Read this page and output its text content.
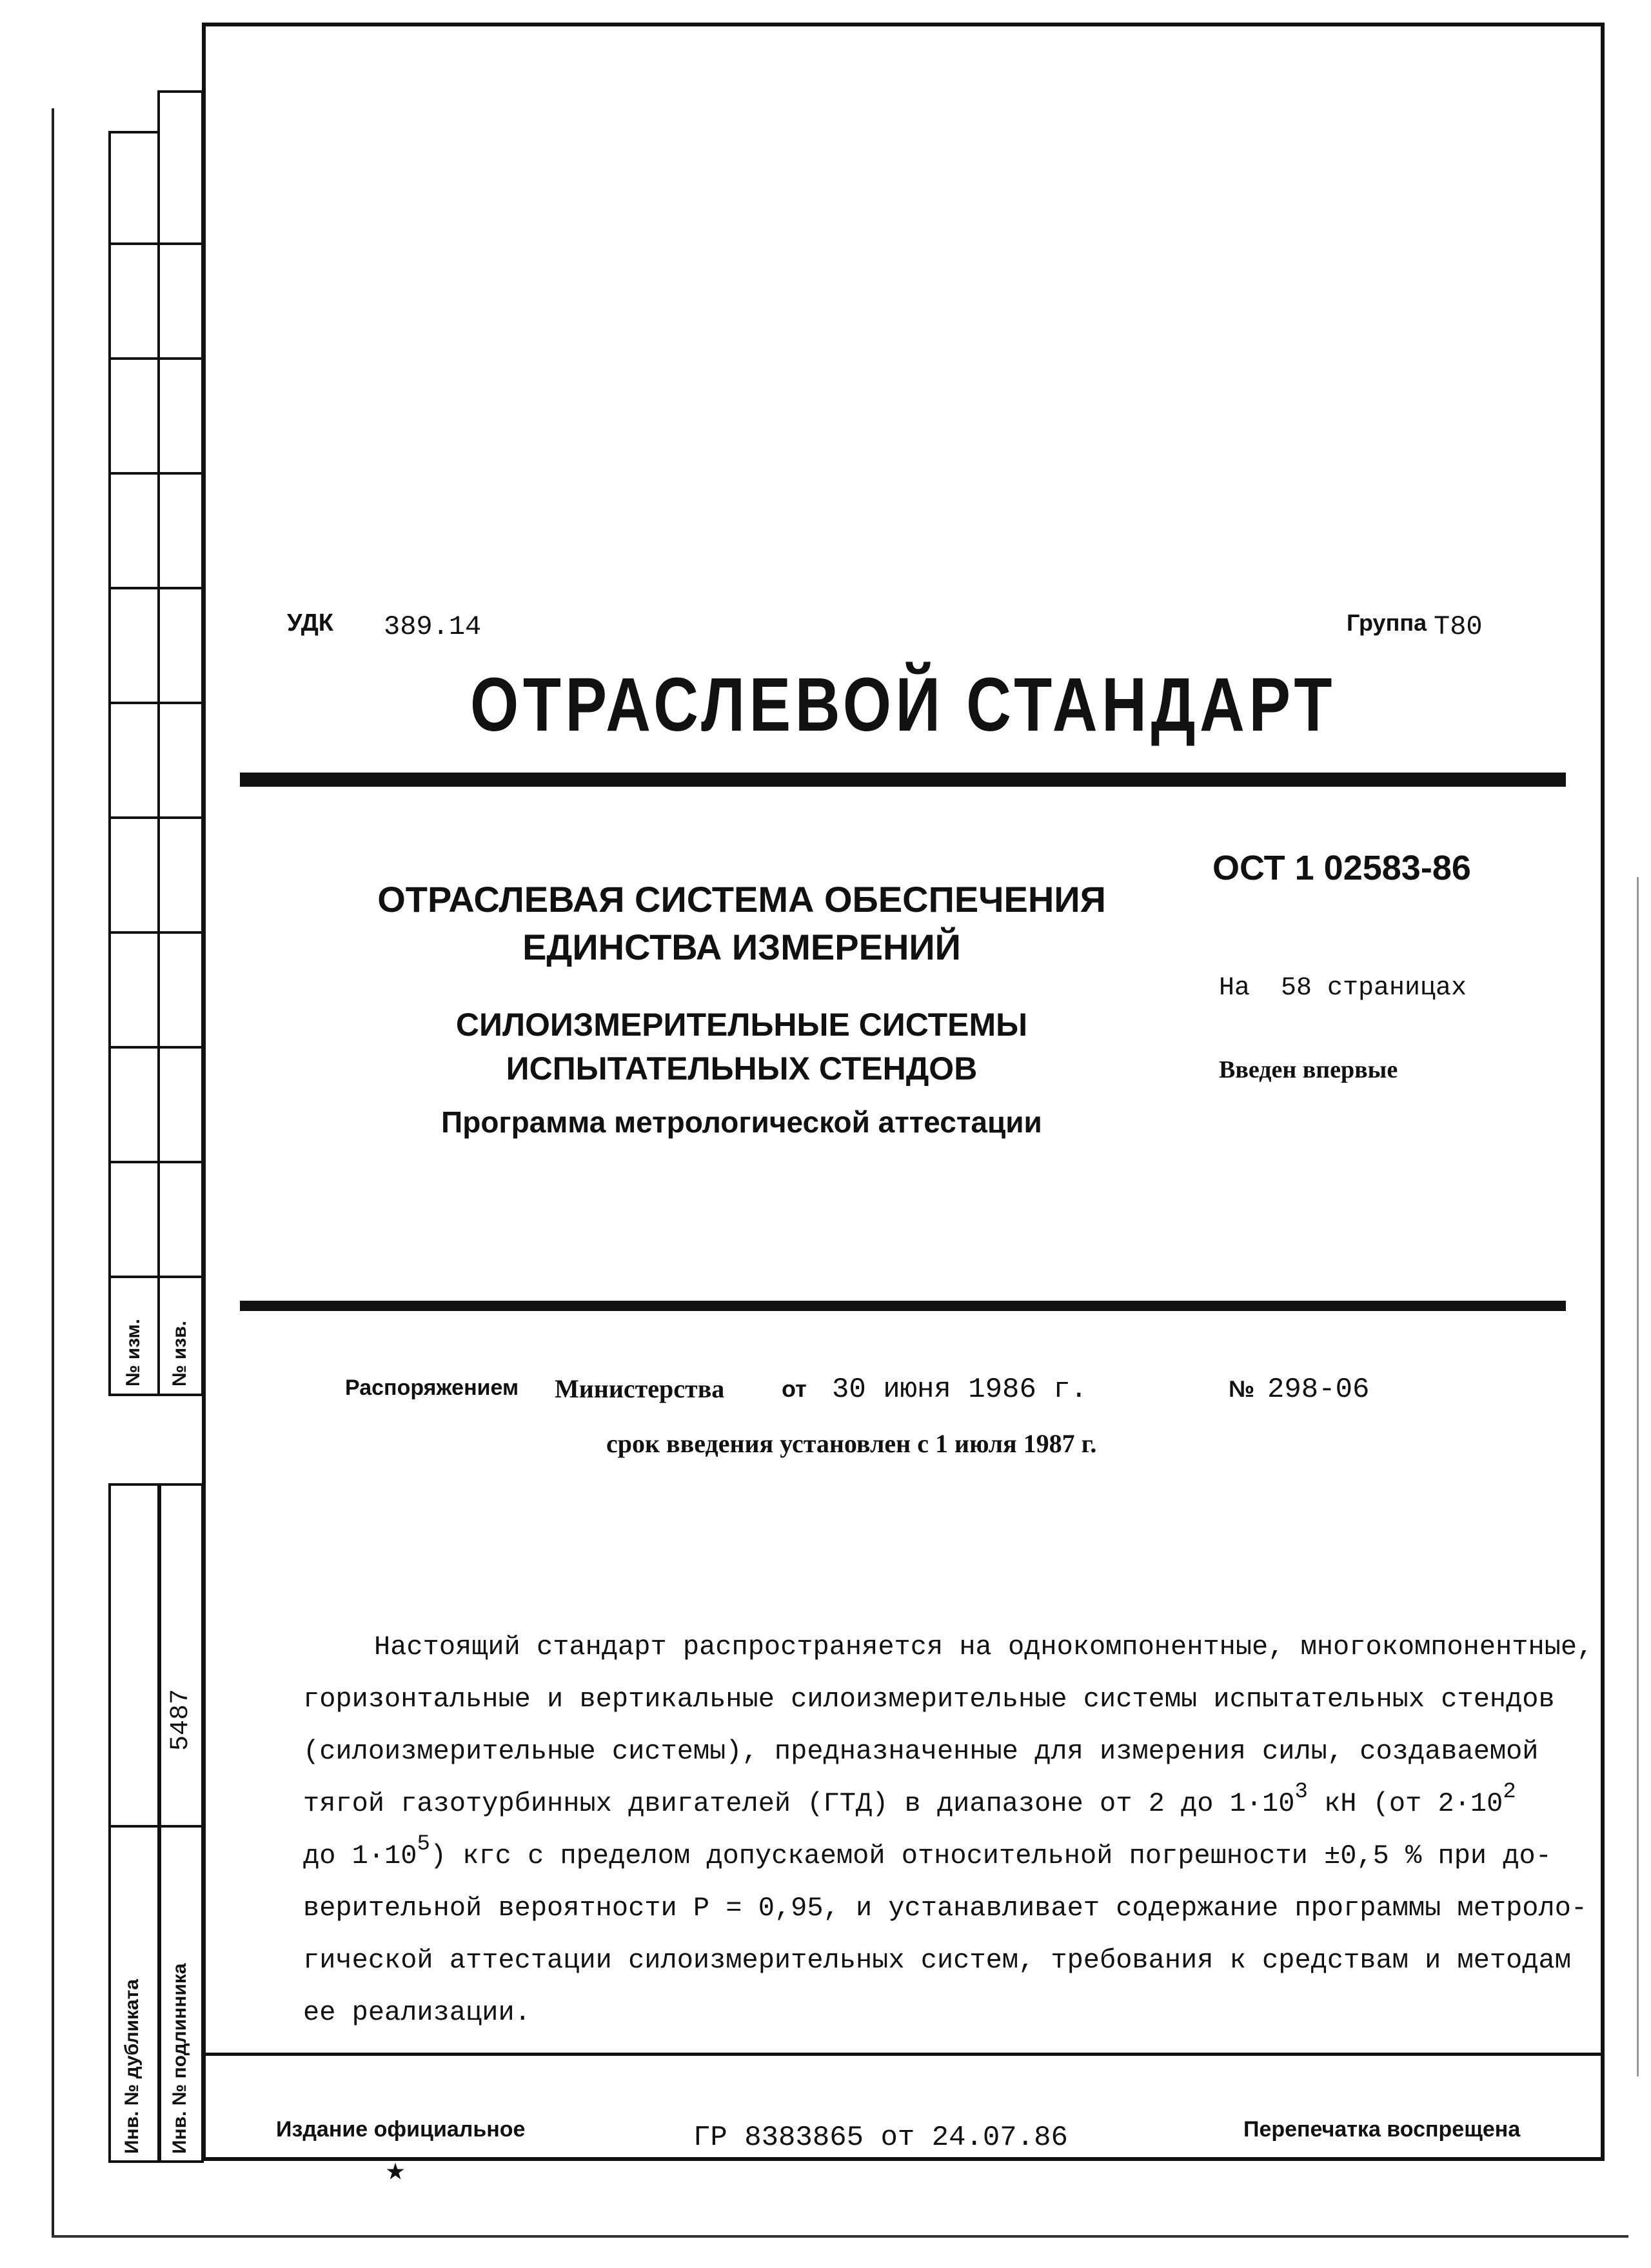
№ изм. № изв.
5487
Инв. № дубликата Инв. № подлинника
УДК 389.14	Группа Т80
ОТРАСЛЕВОЙ СТАНДАРТ
ОТРАСЛЕВАЯ СИСТЕМА ОБЕСПЕЧЕНИЯ
ЕДИНСТВА ИЗМЕРЕНИЙ
СИЛОИЗМЕРИТЕЛЬНЫЕ СИСТЕМЫ
ИСПЫТАТЕЛЬНЫХ СТЕНДОВ
Программа метрологической аттестации
ОСТ 1 02583-86
На  58 страницах
Введен впервые
Распоряжением Министерства от 30 июня 1986 г.	№ 298-06
срок введения установлен с 1 июля 1987 г.
Настоящий стандарт распространяется на однокомпонентные, многокомпонентные,
горизонтальные и вертикальные силоизмерительные системы испытательных стендов
(силоизмерительные системы), предназначенные для измерения силы, создаваемой
тягой газотурбинных двигателей (ГТД) в диапазоне от 2 до $1\cdot 10^3$ кН (от $2\cdot 10^2$
до $1\cdot 10^5$) кгс с пределом допускаемой относительной погрешности ±0,5 % при до-
верительной вероятности Р = 0,95, и устанавливает содержание программы метроло-
гической аттестации силоизмерительных систем, требования к средствам и методам
ее реализации.
Издание официальное
★
ГР 8383865 от 24.07.86	Перепечатка воспрещена
